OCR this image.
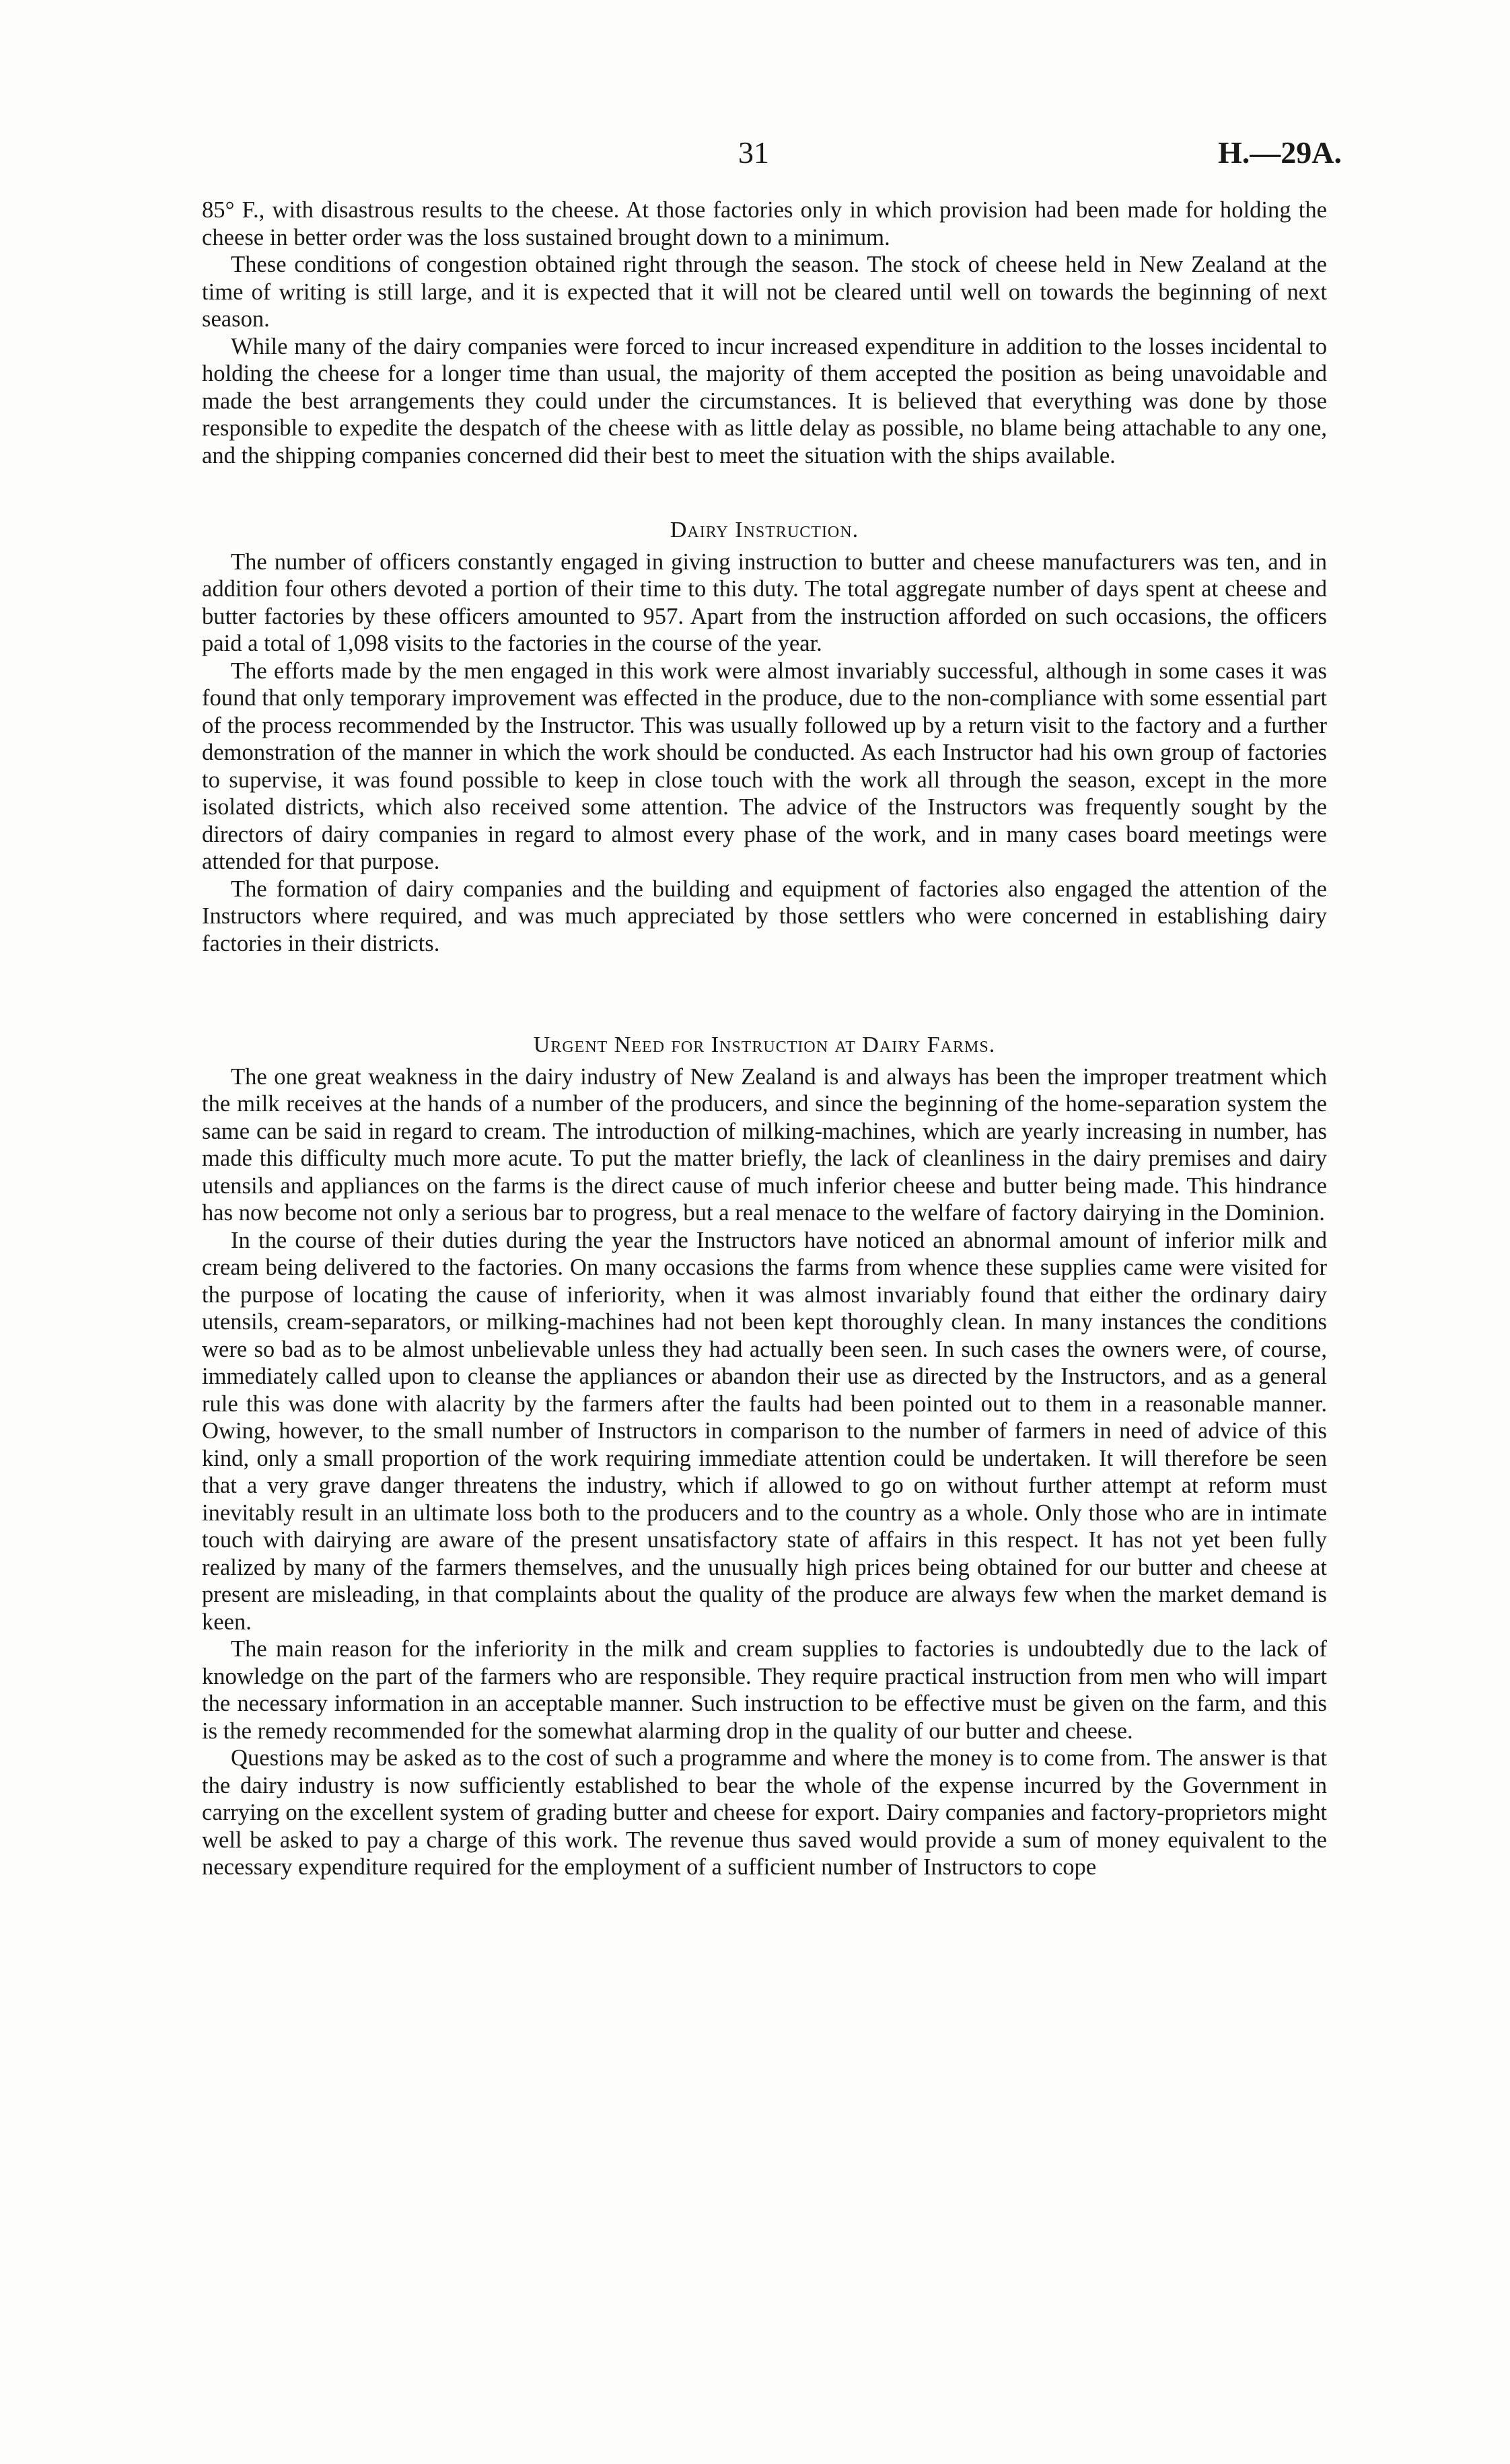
31	H.—29A.

85° F., with disastrous results to the cheese. At those factories only in which provision had been made for holding the cheese in better order was the loss sustained brought down to a minimum.

These conditions of congestion obtained right through the season. The stock of cheese held in New Zealand at the time of writing is still large, and it is expected that it will not be cleared until well on towards the beginning of next season.

While many of the dairy companies were forced to incur increased expenditure in addition to the losses incidental to holding the cheese for a longer time than usual, the majority of them accepted the position as being unavoidable and made the best arrangements they could under the circumstances. It is believed that everything was done by those responsible to expedite the despatch of the cheese with as little delay as possible, no blame being attachable to any one, and the shipping companies concerned did their best to meet the situation with the ships available.

Dairy Instruction.

The number of officers constantly engaged in giving instruction to butter and cheese manufacturers was ten, and in addition four others devoted a portion of their time to this duty. The total aggregate number of days spent at cheese and butter factories by these officers amounted to 957. Apart from the instruction afforded on such occasions, the officers paid a total of 1,098 visits to the factories in the course of the year.

The efforts made by the men engaged in this work were almost invariably successful, although in some cases it was found that only temporary improvement was effected in the produce, due to the non-compliance with some essential part of the process recommended by the Instructor. This was usually followed up by a return visit to the factory and a further demonstration of the manner in which the work should be conducted. As each Instructor had his own group of factories to supervise, it was found possible to keep in close touch with the work all through the season, except in the more isolated districts, which also received some attention. The advice of the Instructors was frequently sought by the directors of dairy companies in regard to almost every phase of the work, and in many cases board meetings were attended for that purpose.

The formation of dairy companies and the building and equipment of factories also engaged the attention of the Instructors where required, and was much appreciated by those settlers who were concerned in establishing dairy factories in their districts.

Urgent Need for Instruction at Dairy Farms.

The one great weakness in the dairy industry of New Zealand is and always has been the improper treatment which the milk receives at the hands of a number of the producers, and since the beginning of the home-separation system the same can be said in regard to cream. The introduction of milking-machines, which are yearly increasing in number, has made this difficulty much more acute. To put the matter briefly, the lack of cleanliness in the dairy premises and dairy utensils and appliances on the farms is the direct cause of much inferior cheese and butter being made. This hindrance has now become not only a serious bar to progress, but a real menace to the welfare of factory dairying in the Dominion.

In the course of their duties during the year the Instructors have noticed an abnormal amount of inferior milk and cream being delivered to the factories. On many occasions the farms from whence these supplies came were visited for the purpose of locating the cause of inferiority, when it was almost invariably found that either the ordinary dairy utensils, cream-separators, or milking-machines had not been kept thoroughly clean. In many instances the conditions were so bad as to be almost unbelievable unless they had actually been seen. In such cases the owners were, of course, immediately called upon to cleanse the appliances or abandon their use as directed by the Instructors, and as a general rule this was done with alacrity by the farmers after the faults had been pointed out to them in a reasonable manner. Owing, however, to the small number of Instructors in comparison to the number of farmers in need of advice of this kind, only a small proportion of the work requiring immediate attention could be undertaken. It will therefore be seen that a very grave danger threatens the industry, which if allowed to go on without further attempt at reform must inevitably result in an ultimate loss both to the producers and to the country as a whole. Only those who are in intimate touch with dairying are aware of the present unsatisfactory state of affairs in this respect. It has not yet been fully realized by many of the farmers themselves, and the unusually high prices being obtained for our butter and cheese at present are misleading, in that complaints about the quality of the produce are always few when the market demand is keen.

The main reason for the inferiority in the milk and cream supplies to factories is undoubtedly due to the lack of knowledge on the part of the farmers who are responsible. They require practical instruction from men who will impart the necessary information in an acceptable manner. Such instruction to be effective must be given on the farm, and this is the remedy recommended for the somewhat alarming drop in the quality of our butter and cheese.

Questions may be asked as to the cost of such a programme and where the money is to come from. The answer is that the dairy industry is now sufficiently established to bear the whole of the expense incurred by the Government in carrying on the excellent system of grading butter and cheese for export. Dairy companies and factory-proprietors might well be asked to pay a charge of this work. The revenue thus saved would provide a sum of money equivalent to the necessary expenditure required for the employment of a sufficient number of Instructors to cope
